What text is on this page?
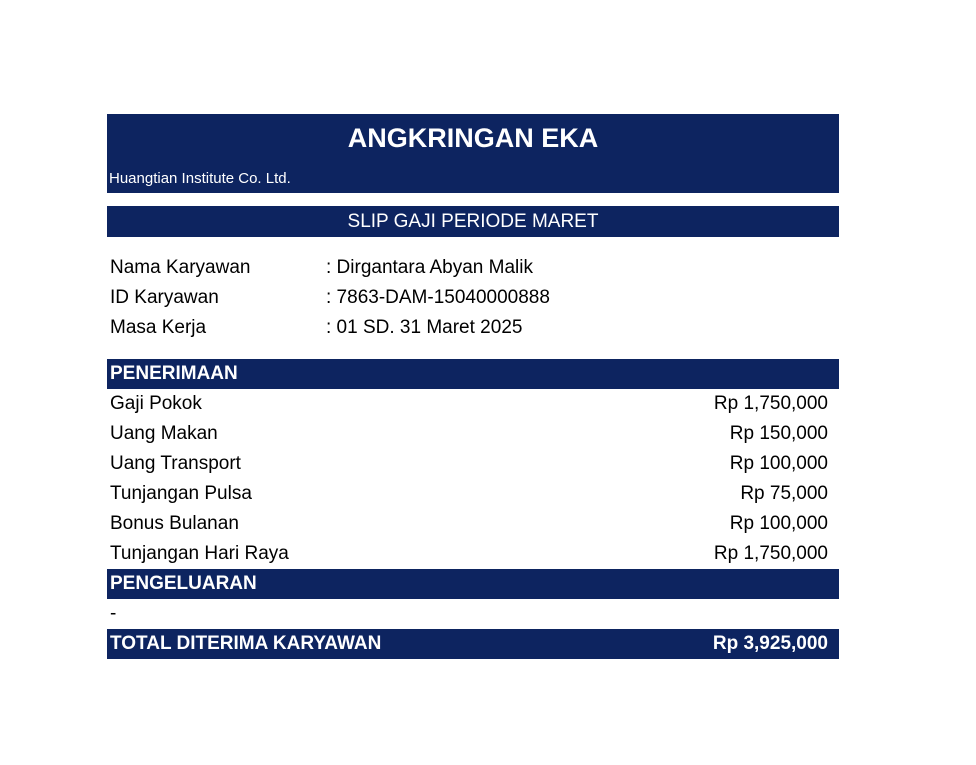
ANGKRINGAN EKA
Huangtian Institute Co. Ltd.
SLIP GAJI PERIODE MARET
Nama Karyawan	: Dirgantara Abyan Malik
ID Karyawan	: 7863-DAM-15040000888
Masa Kerja	: 01 SD. 31 Maret 2025
PENERIMAAN
Gaji Pokok	Rp 1,750,000
Uang Makan	Rp 150,000
Uang Transport	Rp 100,000
Tunjangan Pulsa	Rp 75,000
Bonus Bulanan	Rp 100,000
Tunjangan Hari Raya	Rp 1,750,000
PENGELUARAN
-
TOTAL DITERIMA KARYAWAN	Rp 3,925,000
